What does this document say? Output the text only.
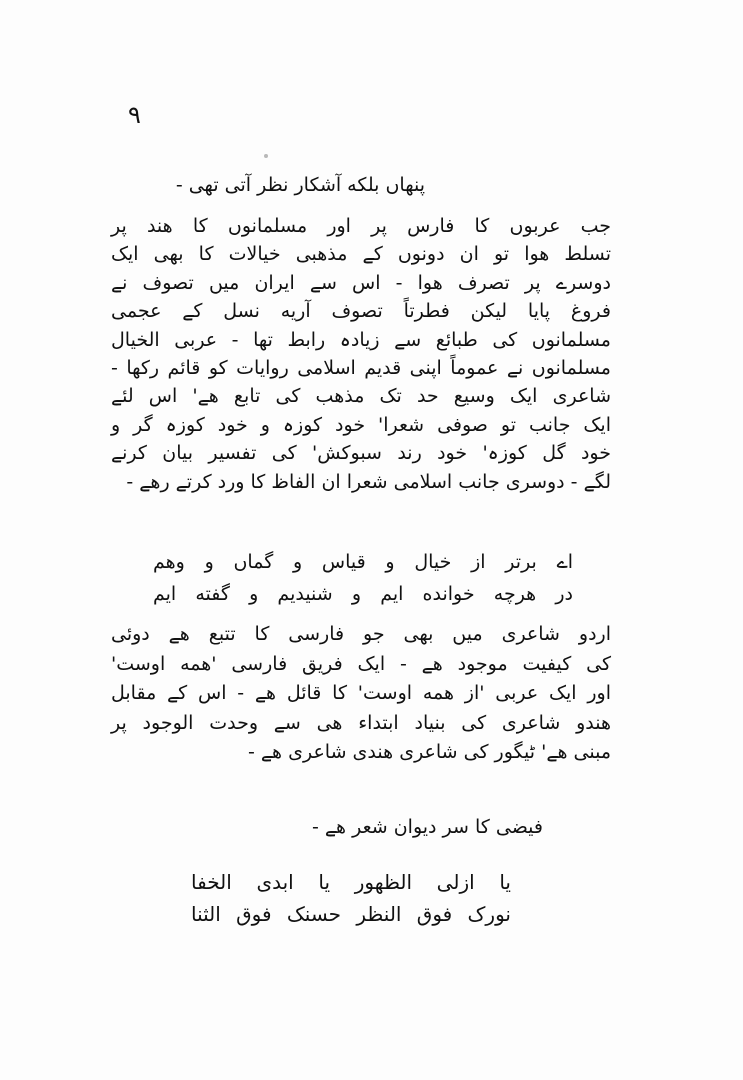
۹
پنهاں بلکه آشکار نظر آتی تهی -
جب عربوں کا فارس پر اور مسلمانوں کا هند پر
تسلط هوا تو ان دونوں کے مذهبی خیالات کا بهی ایک
دوسرے پر تصرف هوا - اس سے ایران میں تصوف نے
فروغ پایا لیکن فطرتاً تصوف آریه نسل کے عجمی
مسلمانوں کی طبائع سے زیادہ رابط تها - عربی الخیال
مسلمانوں نے عموماً اپنی قدیم اسلامی روایات کو قائم رکها -
شاعری ایک وسیع حد تک مذهب کی تابع هے' اس لئے
ایک جانب تو صوفی شعرا' خود کوزہ و خود کوزہ گر و
خود گل کوزہ' خود رند سبوکش' کی تفسیر بیان کرنے
لگے - دوسری جانب اسلامی شعرا ان الفاظ کا ورد کرتے رهے -
اے برتر از خیال و قیاس و گماں و وهم
در هرچه خوانده ایم و شنیدیم و گفته ایم
اردو شاعری میں بهی جو فارسی کا تتبع هے دوئی
کی کیفیت موجود هے - ایک فریق فارسی 'همه اوست'
اور ایک عربی 'از همه اوست' کا قائل هے - اس کے مقابل
هندو شاعری کی بنیاد ابتداء هی سے وحدت الوجود پر
مبنی هے' ٹیگور کی شاعری هندی شاعری هے -
فیضی کا سر دیوان شعر هے -
یا ازلی الظهور یا ابدی الخفا
نورک فوق النظر حسنک فوق الثنا
